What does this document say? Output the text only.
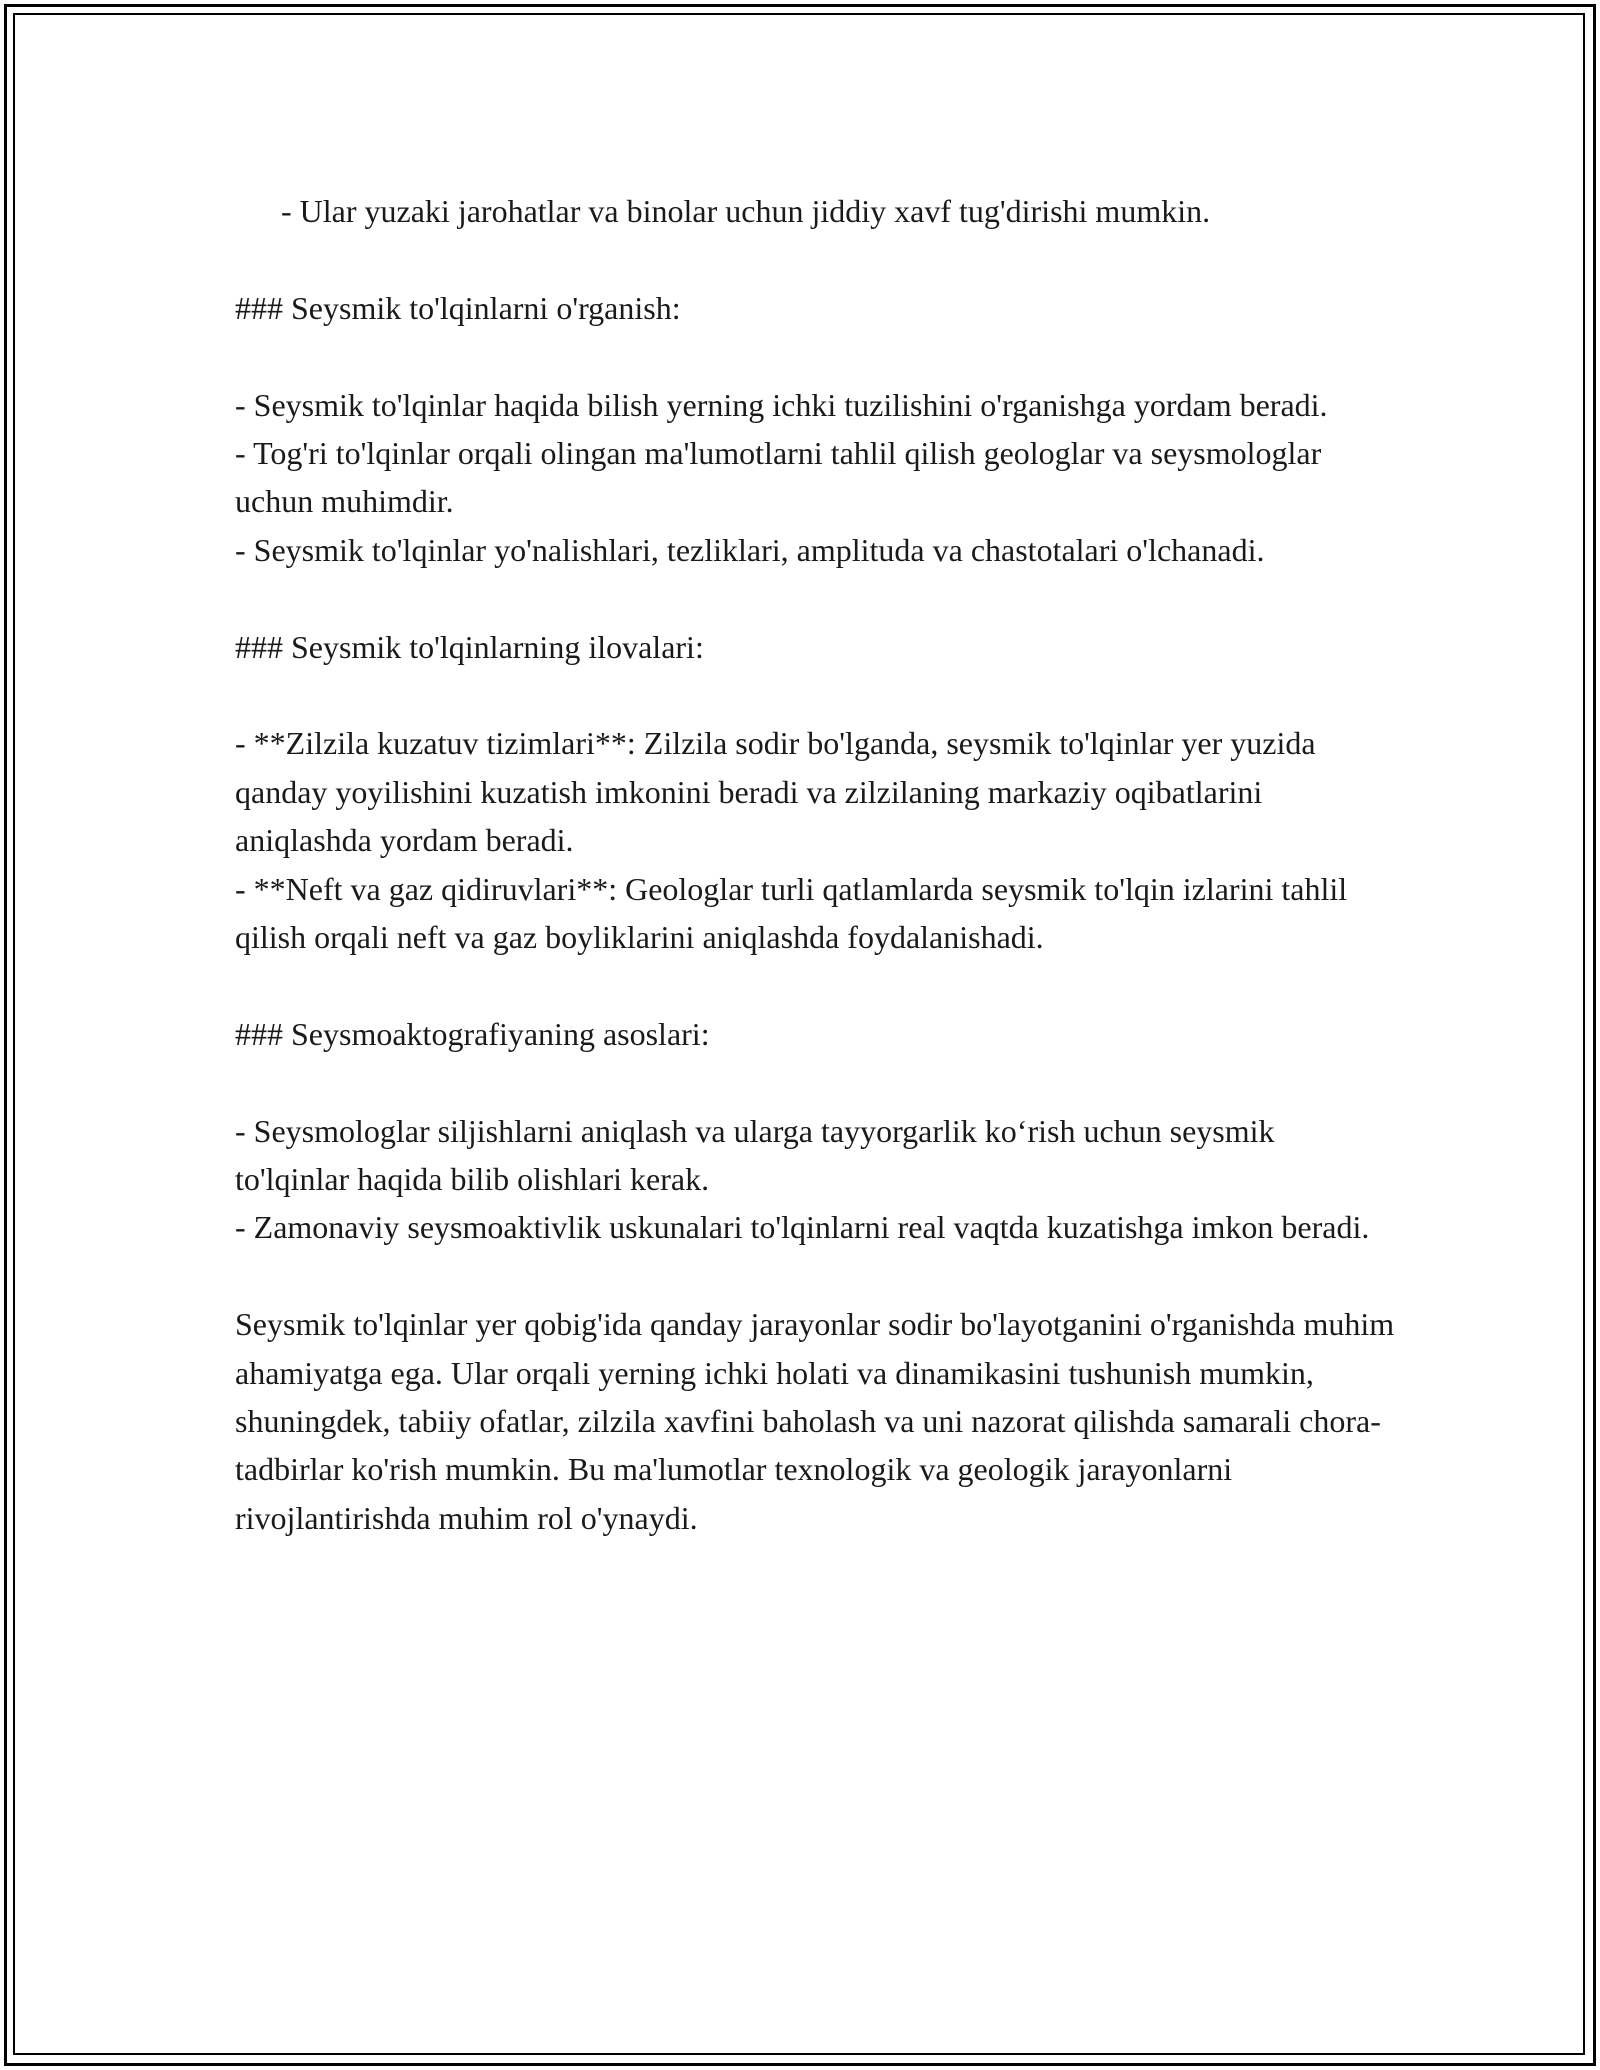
- Ular yuzaki jarohatlar va binolar uchun jiddiy xavf tug'dirishi mumkin.

### Seysmik to'lqinlarni o'rganish:

- Seysmik to'lqinlar haqida bilish yerning ichki tuzilishini o'rganishga yordam beradi.

- Tog'ri to'lqinlar orqali olingan ma'lumotlarni tahlil qilish geologlar va seysmologlar uchun muhimdir.

- Seysmik to'lqinlar yo'nalishlari, tezliklari, amplituda va chastotalari o'lchanadi.

### Seysmik to'lqinlarning ilovalari:

- **Zilzila kuzatuv tizimlari**: Zilzila sodir bo'lganda, seysmik to'lqinlar yer yuzida qanday yoyilishini kuzatish imkonini beradi va zilzilaning markaziy oqibatlarini aniqlashda yordam beradi.

- **Neft va gaz qidiruvlari**: Geologlar turli qatlamlarda seysmik to'lqin izlarini tahlil qilish orqali neft va gaz boyliklarini aniqlashda foydalanishadi.

### Seysmoaktografiyaning asoslari:

- Seysmologlar siljishlarni aniqlash va ularga tayyorgarlik ko‘rish uchun seysmik to'lqinlar haqida bilib olishlari kerak.

- Zamonaviy seysmoaktivlik uskunalari to'lqinlarni real vaqtda kuzatishga imkon beradi.

Seysmik to'lqinlar yer qobig'ida qanday jarayonlar sodir bo'layotganini o'rganishda muhim ahamiyatga ega. Ular orqali yerning ichki holati va dinamikasini tushunish mumkin, shuningdek, tabiiy ofatlar, zilzila xavfini baholash va uni nazorat qilishda samarali chora-tadbirlar ko'rish mumkin. Bu ma'lumotlar texnologik va geologik jarayonlarni rivojlantirishda muhim rol o'ynaydi.
